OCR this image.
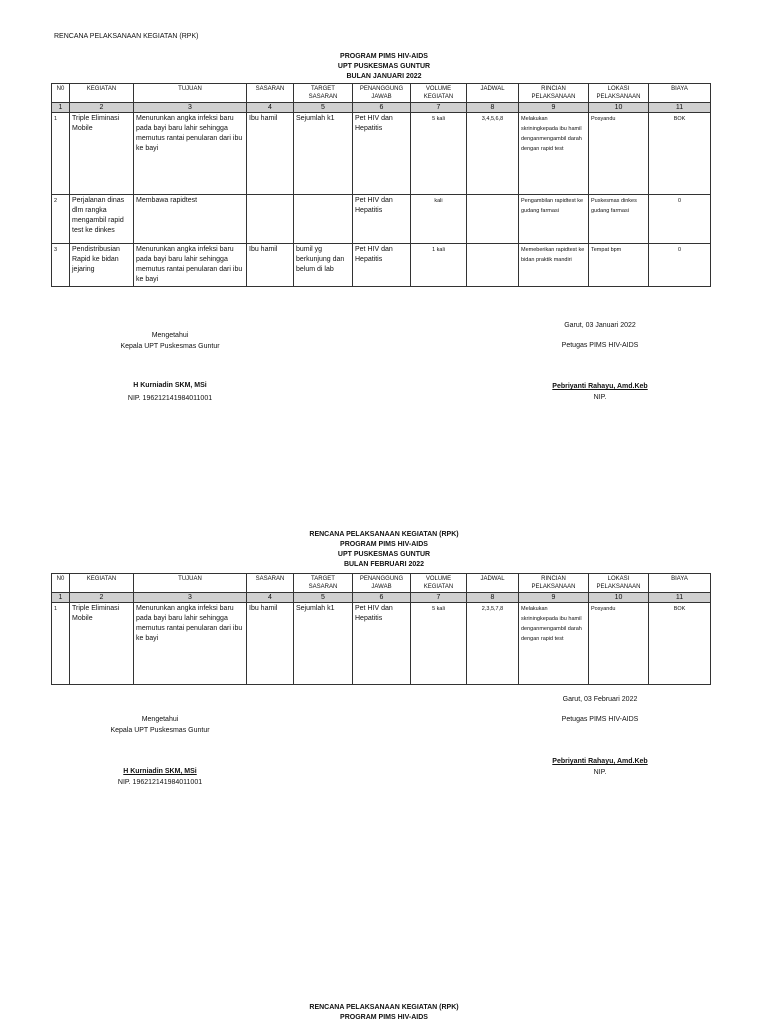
RENCANA PELAKSANAAN KEGIATAN (RPK)
PROGRAM PIMS HIV-AIDS
UPT PUSKESMAS GUNTUR
BULAN JANUARI 2022
N0	KEGIATAN	TUJUAN	SASARAN	TARGET SASARAN	PENANGGUNG JAWAB	VOLUME KEGIATAN	JADWAL	RINCIAN PELAKSANAAN	LOKASI PELAKSANAAN	BIAYA
1	2	3	4	5	6	7	8	9	10	11
1	Triple Eliminasi Mobile	Menurunkan angka infeksi baru pada bayi baru lahir sehingga memutus rantai penularan dari ibu ke bayi	Ibu hamil	Sejumlah k1	Pet HIV dan Hepatitis	5 kali	3,4,5,6,8	Melakukan skriningkepada ibu hamil denganmengambil darah dengan rapid test	Posyandu	BOK
2	Perjalanan dinas dlm rangka mengambil rapid test ke dinkes	Membawa rapidtest			Pet HIV dan Hepatitis	kali		Pengambilan rapidtest ke gudang farmasi	Puskesmas dinkes gudang farmasi	0
3	Pendistribusian Rapid ke bidan jejaring	Menurunkan angka infeksi baru pada bayi baru lahir sehingga memutus rantai penularan dari ibu ke bayi	Ibu hamil	bumil yg berkunjung dan belum di lab	Pet HIV dan Hepatitis	1 kali		Memeberikan rapidtest ke bidan praktik mandiri	Tempat bpm	0
Mengetahui
Kepala UPT Puskesmas Guntur
H Kurniadin SKM, MSi
NIP. 196212141984011001
Garut, 03 Januari 2022
Petugas PIMS HIV-AIDS
Pebriyanti Rahayu, Amd.Keb
NIP.
RENCANA PELAKSANAAN KEGIATAN (RPK)
PROGRAM PIMS HIV-AIDS
UPT PUSKESMAS GUNTUR
BULAN FEBRUARI 2022
N0	KEGIATAN	TUJUAN	SASARAN	TARGET SASARAN	PENANGGUNG JAWAB	VOLUME KEGIATAN	JADWAL	RINCIAN PELAKSANAAN	LOKASI PELAKSANAAN	BIAYA
1	2	3	4	5	6	7	8	9	10	11
1	Triple Eliminasi Mobile	Menurunkan angka infeksi baru pada bayi baru lahir sehingga memutus rantai penularan dari ibu ke bayi	Ibu hamil	Sejumlah k1	Pet HIV dan Hepatitis	5 kali	2,3,5,7,8	Melakukan skriningkepada ibu hamil denganmengambil darah dengan rapid test	Posyandu	BOK
Garut, 03 Februari 2022
Petugas PIMS HIV-AIDS
Mengetahui
Kepala UPT Puskesmas Guntur
Pebriyanti Rahayu, Amd.Keb
NIP.
H Kurniadin SKM, MSi
NIP. 196212141984011001
RENCANA PELAKSANAAN KEGIATAN (RPK)
PROGRAM PIMS HIV-AIDS
